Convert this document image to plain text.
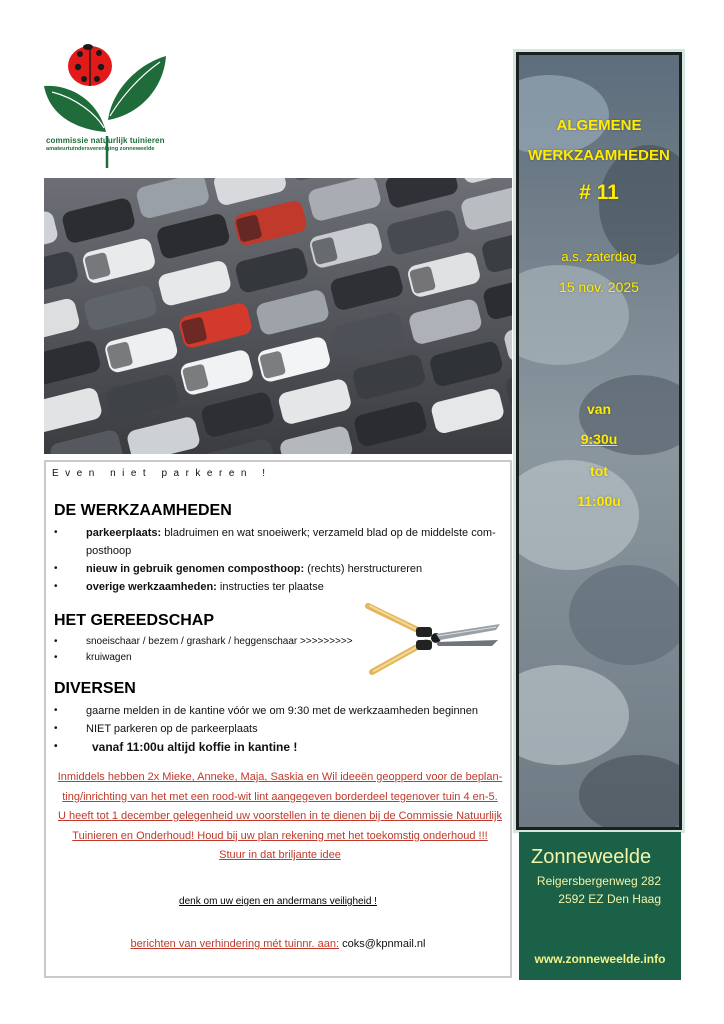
commissie natuurlijk tuinieren
amateurtuindersvereniging zonneweelde
Even niet parkeren !
DE WERKZAAMHEDEN
• parkeerplaats: bladruimen en wat snoeiwerk; verzameld blad op de middelste com-
posthoop
• nieuw in gebruik genomen composthoop: (rechts) herstructureren
• overige werkzaamheden: instructies ter plaatse
HET GEREEDSCHAP
• snoeischaar / bezem / grashark / heggenschaar >>>>>>>>>
• kruiwagen
DIVERSEN
• gaarne melden in de kantine vóór we om 9:30 met de werkzaamheden beginnen
• NIET parkeren op de parkeerplaats
• vanaf 11:00u altijd koffie in kantine !
Inmiddels hebben 2x Mieke, Anneke, Maja, Saskia en Wil ideeën geopperd voor de beplan-
ting/inrichting van het met een rood-wit lint aangegeven borderdeel tegenover tuin 4 en-5.
U heeft tot 1 december gelegenheid uw voorstellen in te dienen bij de Commissie Natuurlijk
Tuinieren en Onderhoud! Houd bij uw plan rekening met het toekomstig onderhoud !!!
Stuur in dat briljante idee
denk om uw eigen en andermans veiligheid !
berichten van verhindering mét tuinnr. aan: coks@kpnmail.nl
ALGEMENE
WERKZAAMHEDEN
# 11
a.s. zaterdag
15 nov. 2025
van
9:30u
tot
11:00u
Zonneweelde
Reigersbergenweg 282
2592 EZ Den Haag
www.zonneweelde.info
